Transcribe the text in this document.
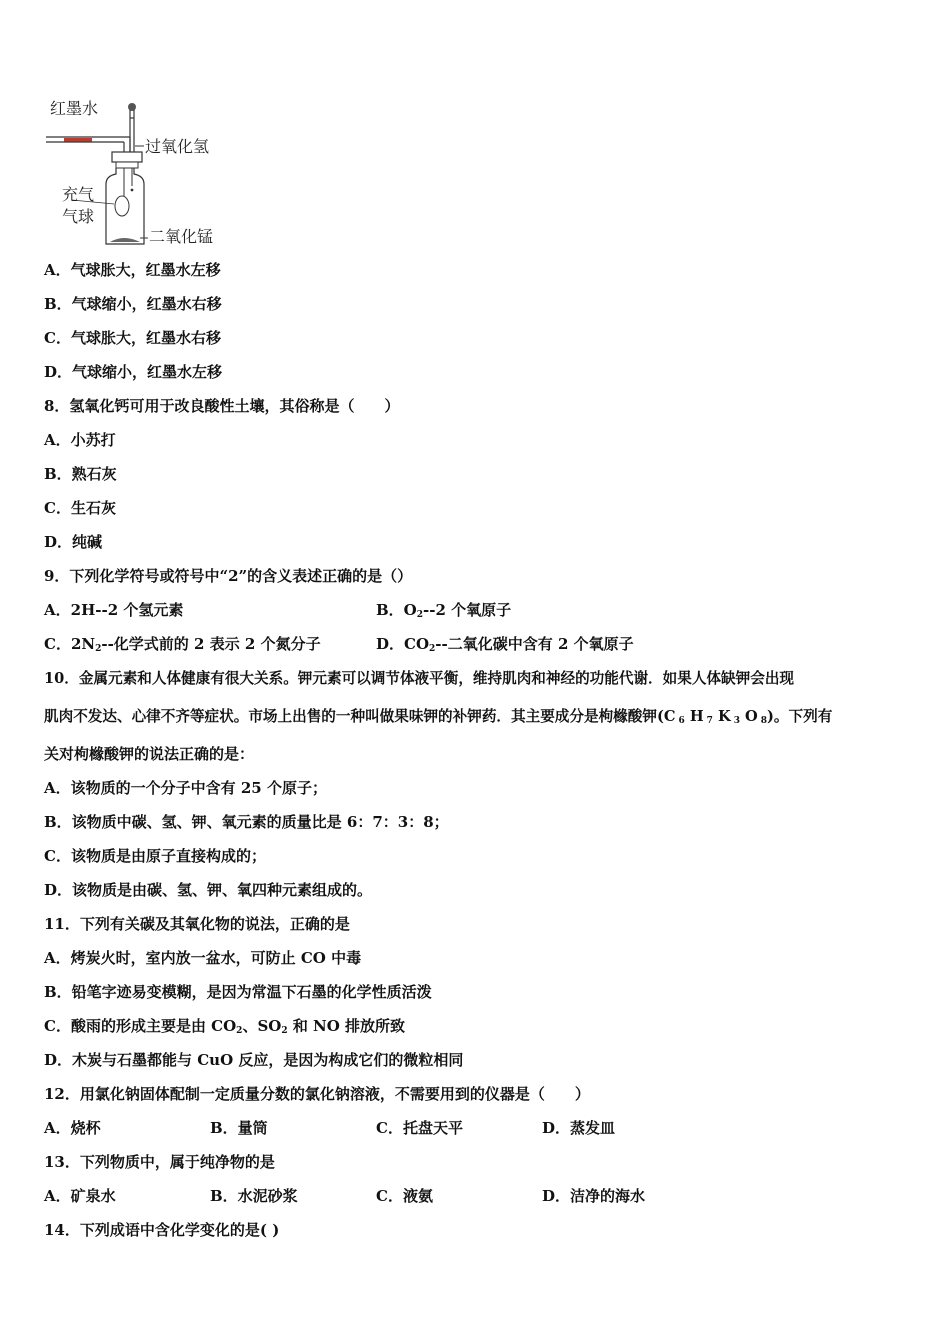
红墨水
过氧化氢
充气
气球
二氧化锰
A．气球胀大，红墨水左移
B．气球缩小，红墨水右移
C．气球胀大，红墨水右移
D．气球缩小，红墨水左移
8．氢氧化钙可用于改良酸性土壤，其俗称是（　　）
A．小苏打
B．熟石灰
C．生石灰
D．纯碱
9．下列化学符号或符号中“2”的含义表述正确的是（）
A．2H--2 个氢元素	B．$O_2--2$ 个氧原子
C．$2N_2--$化学式前的 2 表示 2 个氮分子	D．$CO_2--$二氧化碳中含有 2 个氧原子
10．金属元素和人体健康有很大关系。钾元素可以调节体液平衡，维持肌肉和神经的功能代谢．如果人体缺钾会出现
肌肉不发达、心律不齐等症状。市场上出售的一种叫做果味钾的补钾药．其主要成分是枸橼酸钾($C_6$ $H_7$ $K_3$ $O_8$)。下列有
关对枸橼酸钾的说法正确的是：
A．该物质的一个分子中含有 25 个原子；
B．该物质中碳、氢、钾、氧元素的质量比是 6：7：3：8；
C．该物质是由原子直接构成的；
D．该物质是由碳、氢、钾、氧四种元素组成的。
11．下列有关碳及其氧化物的说法，正确的是
A．烤炭火时，室内放一盆水，可防止 CO 中毒
B．铅笔字迹易变模糊，是因为常温下石墨的化学性质活泼
C．酸雨的形成主要是由 $CO_2$、$SO_2$ 和 NO 排放所致
D．木炭与石墨都能与 CuO 反应，是因为构成它们的微粒相同
12．用氯化钠固体配制一定质量分数的氯化钠溶液，不需要用到的仪器是（　　）
A．烧杯	B．量筒	C．托盘天平	D．蒸发皿
13．下列物质中，属于纯净物的是
A．矿泉水	B．水泥砂浆	C．液氨	D．洁净的海水
14．下列成语中含化学变化的是( )
